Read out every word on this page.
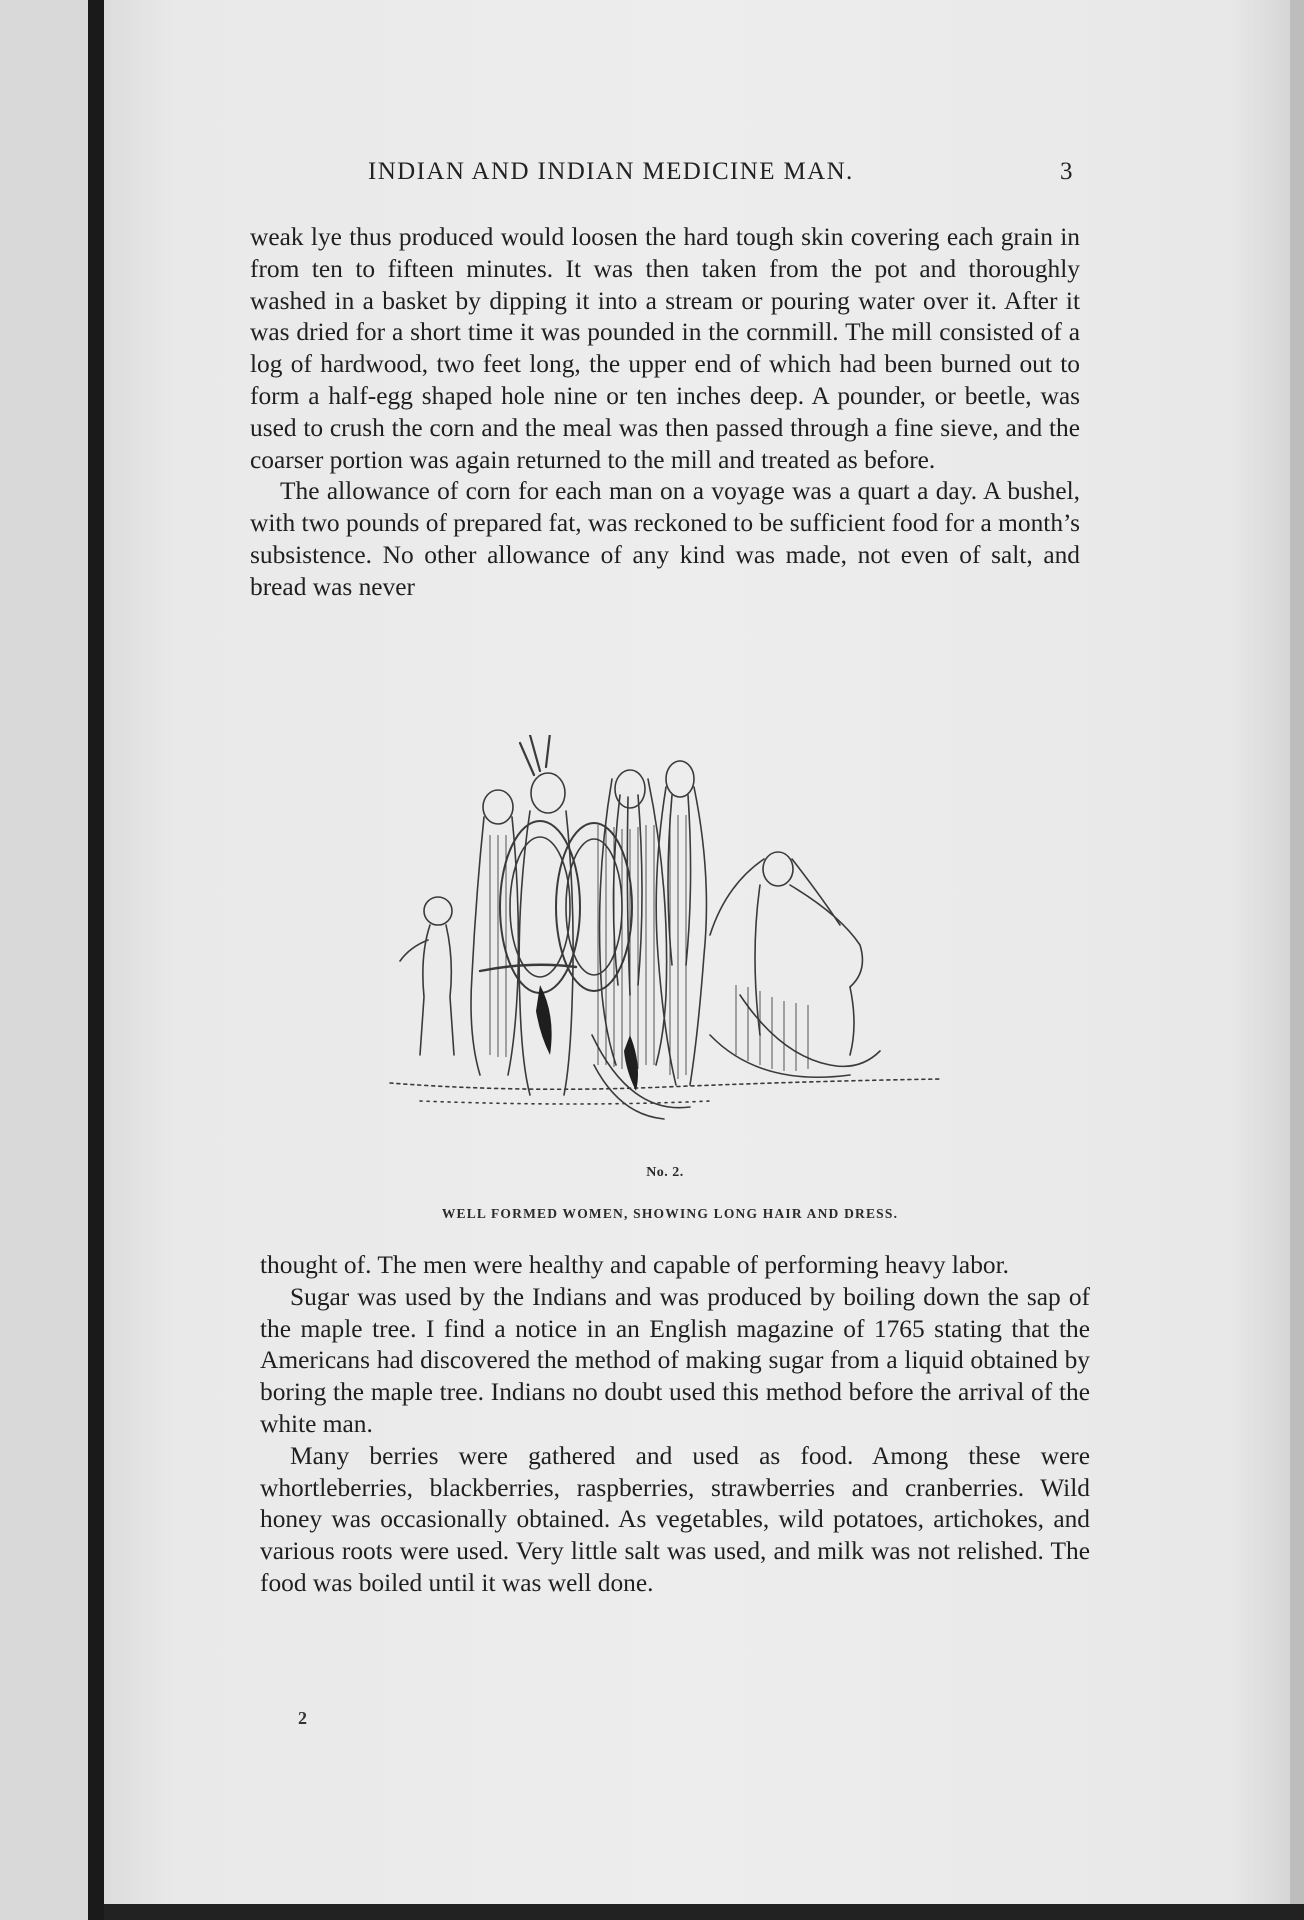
INDIAN AND INDIAN MEDICINE MAN.	3

weak lye thus produced would loosen the hard tough skin covering each grain in from ten to fifteen minutes. It was then taken from the pot and thoroughly washed in a basket by dipping it into a stream or pouring water over it. After it was dried for a short time it was pounded in the cornmill. The mill consisted of a log of hardwood, two feet long, the upper end of which had been burned out to form a half-egg shaped hole nine or ten inches deep. A pounder, or beetle, was used to crush the corn and the meal was then passed through a fine sieve, and the coarser portion was again returned to the mill and treated as before.

The allowance of corn for each man on a voyage was a quart a day. A bushel, with two pounds of prepared fat, was reckoned to be sufficient food for a month’s subsistence. No other allowance of any kind was made, not even of salt, and bread was never

No. 2.
WELL FORMED WOMEN, SHOWING LONG HAIR AND DRESS.

thought of. The men were healthy and capable of performing heavy labor.

Sugar was used by the Indians and was produced by boiling down the sap of the maple tree. I find a notice in an English magazine of 1765 stating that the Americans had discovered the method of making sugar from a liquid obtained by boring the maple tree. Indians no doubt used this method before the arrival of the white man.

Many berries were gathered and used as food. Among these were whortleberries, blackberries, raspberries, strawberries and cranberries. Wild honey was occasionally obtained. As vegetables, wild potatoes, artichokes, and various roots were used. Very little salt was used, and milk was not relished. The food was boiled until it was well done.

2
